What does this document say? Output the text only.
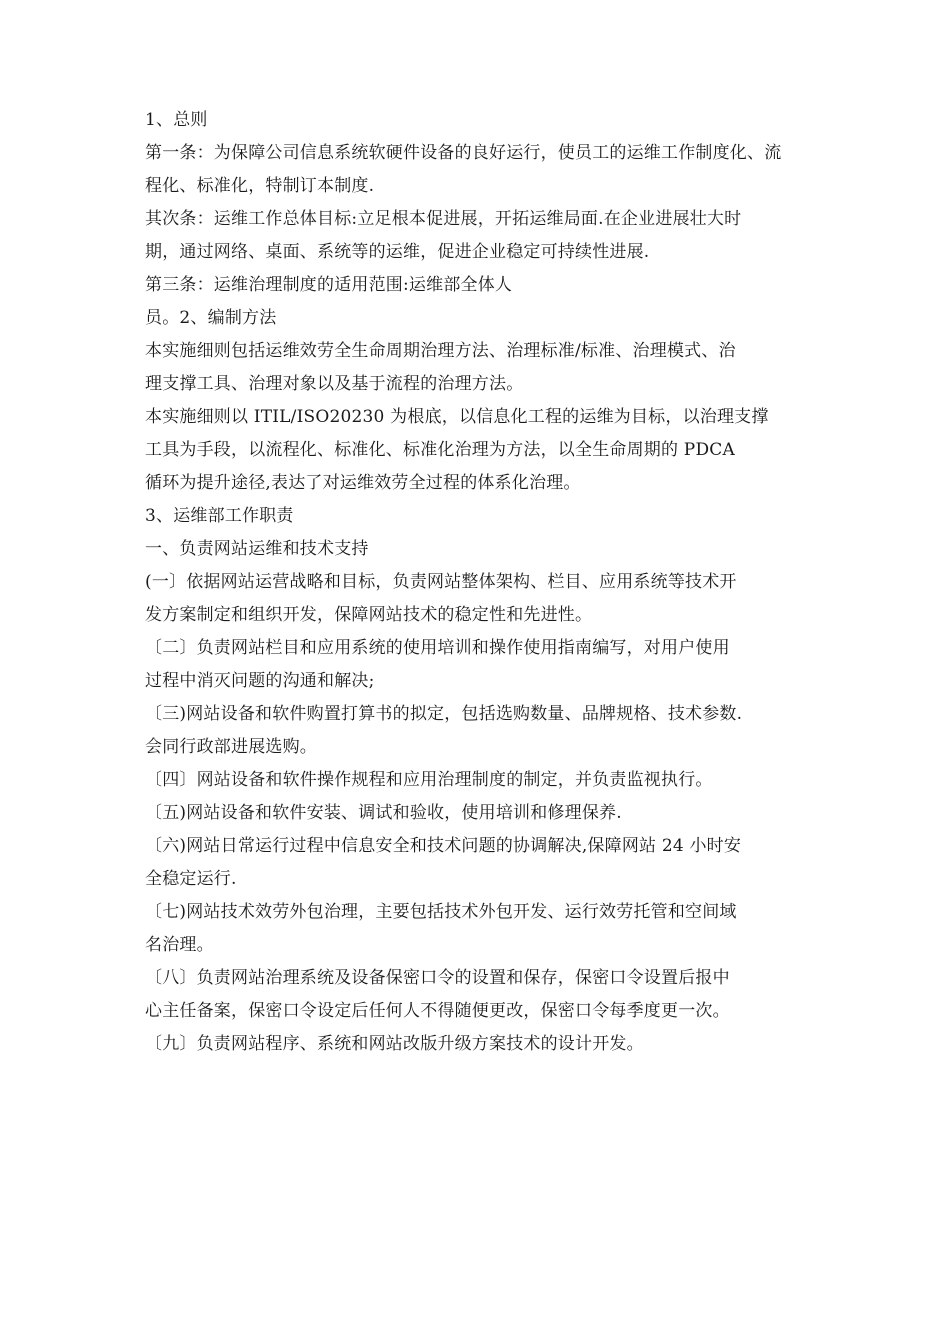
1、总则
第一条：为保障公司信息系统软硬件设备的良好运行，使员工的运维工作制度化、流
程化、标准化，特制订本制度.
其次条：运维工作总体目标:立足根本促进展，开拓运维局面.在企业进展壮大时
期，通过网络、桌面、系统等的运维，促进企业稳定可持续性进展.
第三条：运维治理制度的适用范围:运维部全体人
员。2、编制方法
本实施细则包括运维效劳全生命周期治理方法、治理标准/标准、治理模式、治
理支撑工具、治理对象以及基于流程的治理方法。
本实施细则以 ITIL/ISO20230 为根底，以信息化工程的运维为目标，以治理支撑
工具为手段，以流程化、标准化、标准化治理为方法，以全生命周期的 PDCA
循环为提升途径,表达了对运维效劳全过程的体系化治理。
3、运维部工作职责
一、负责网站运维和技术支持
(一〕依据网站运营战略和目标，负责网站整体架构、栏目、应用系统等技术开
发方案制定和组织开发，保障网站技术的稳定性和先进性。
〔二〕负责网站栏目和应用系统的使用培训和操作使用指南编写，对用户使用
过程中消灭问题的沟通和解决;
〔三)网站设备和软件购置打算书的拟定，包括选购数量、品牌规格、技术参数.
会同行政部进展选购。
〔四〕网站设备和软件操作规程和应用治理制度的制定，并负责监视执行。
〔五)网站设备和软件安装、调试和验收，使用培训和修理保养.
〔六)网站日常运行过程中信息安全和技术问题的协调解决,保障网站 24 小时安
全稳定运行.
〔七)网站技术效劳外包治理，主要包括技术外包开发、运行效劳托管和空间域
名治理。
〔八〕负责网站治理系统及设备保密口令的设置和保存，保密口令设置后报中
心主任备案，保密口令设定后任何人不得随便更改，保密口令每季度更一次。
〔九〕负责网站程序、系统和网站改版升级方案技术的设计开发。
